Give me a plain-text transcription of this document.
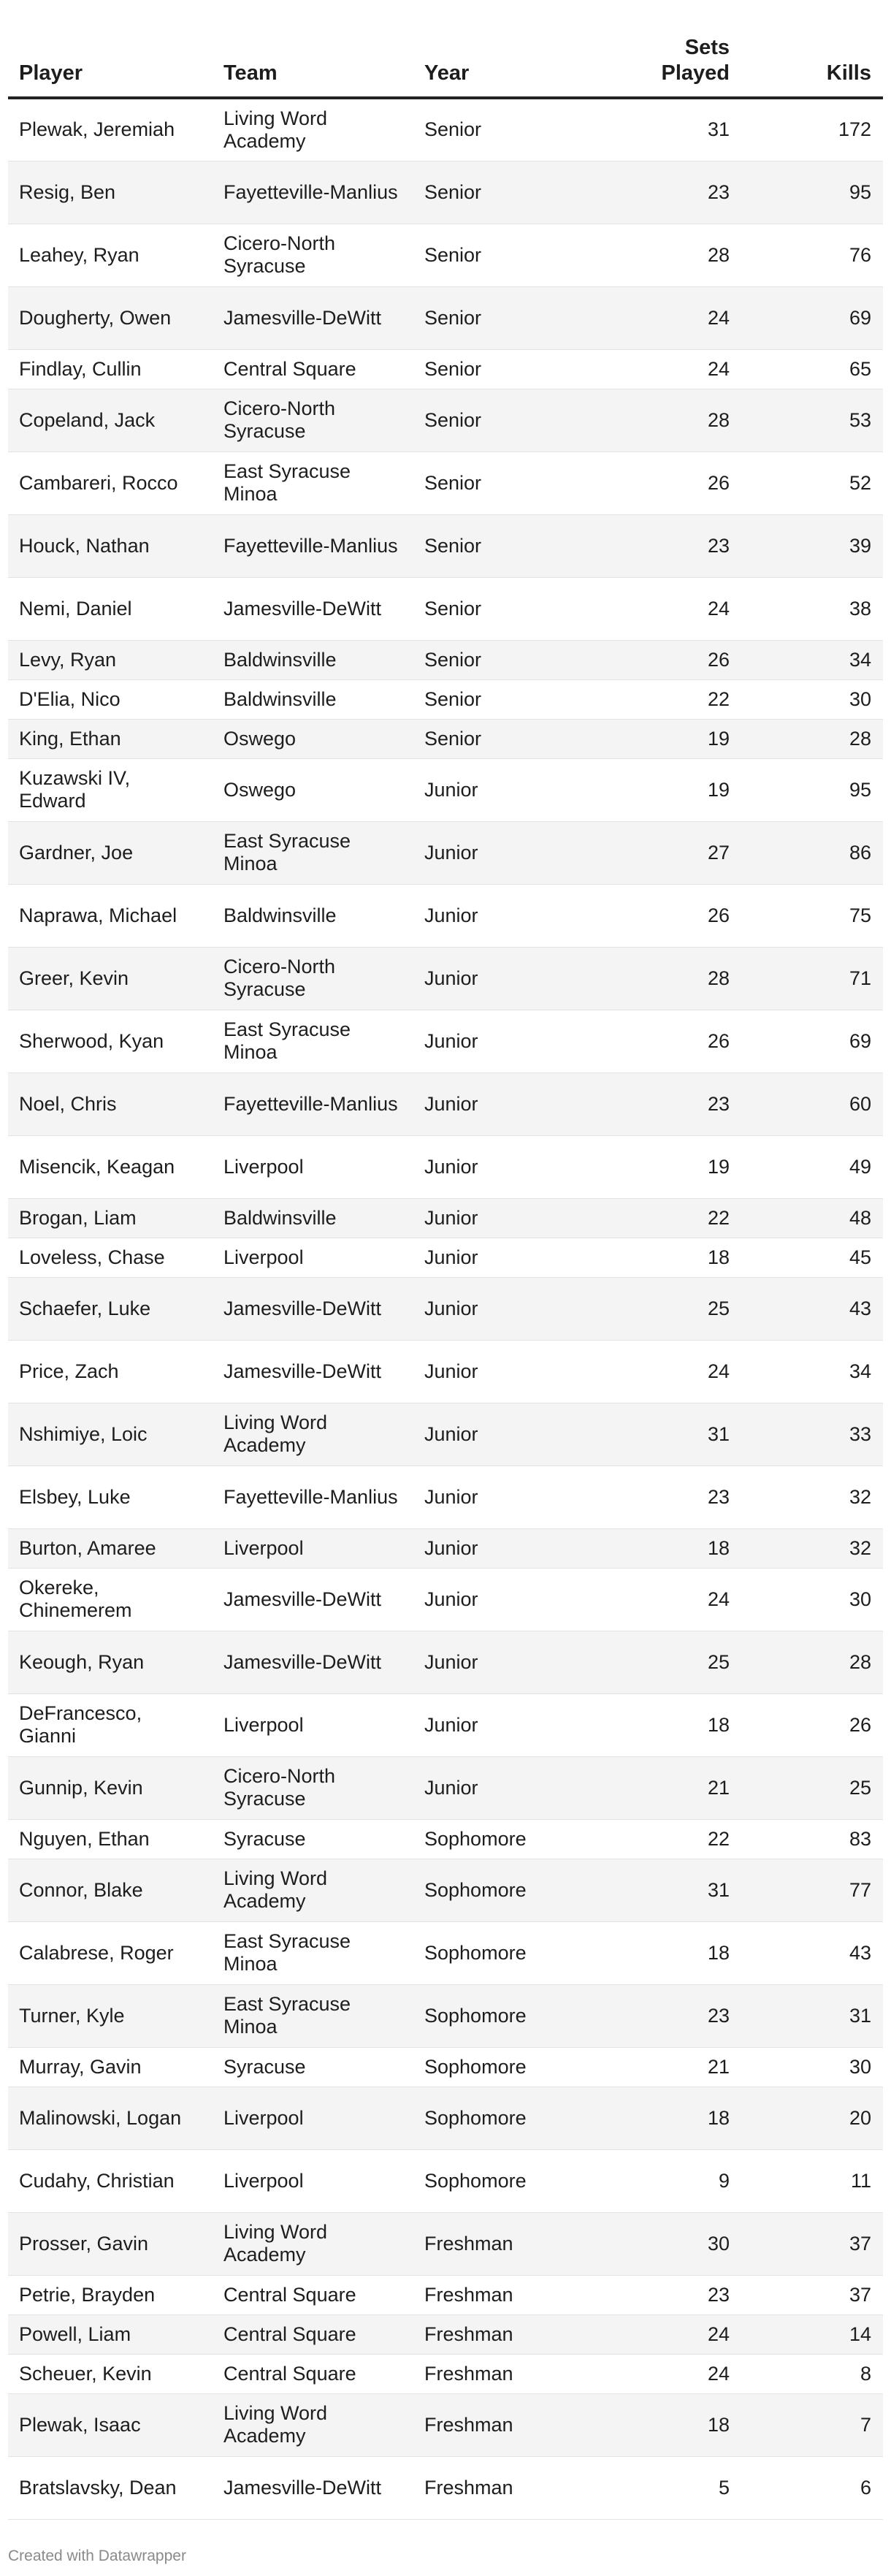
Player	Team	Year	Sets Played	Kills
Plewak, Jeremiah	Living Word Academy	Senior	31	172
Resig, Ben	Fayetteville-Manlius	Senior	23	95
Leahey, Ryan	Cicero-North Syracuse	Senior	28	76
Dougherty, Owen	Jamesville-DeWitt	Senior	24	69
Findlay, Cullin	Central Square	Senior	24	65
Copeland, Jack	Cicero-North Syracuse	Senior	28	53
Cambareri, Rocco	East Syracuse Minoa	Senior	26	52
Houck, Nathan	Fayetteville-Manlius	Senior	23	39
Nemi, Daniel	Jamesville-DeWitt	Senior	24	38
Levy, Ryan	Baldwinsville	Senior	26	34
D'Elia, Nico	Baldwinsville	Senior	22	30
King, Ethan	Oswego	Senior	19	28
Kuzawski IV, Edward	Oswego	Junior	19	95
Gardner, Joe	East Syracuse Minoa	Junior	27	86
Naprawa, Michael	Baldwinsville	Junior	26	75
Greer, Kevin	Cicero-North Syracuse	Junior	28	71
Sherwood, Kyan	East Syracuse Minoa	Junior	26	69
Noel, Chris	Fayetteville-Manlius	Junior	23	60
Misencik, Keagan	Liverpool	Junior	19	49
Brogan, Liam	Baldwinsville	Junior	22	48
Loveless, Chase	Liverpool	Junior	18	45
Schaefer, Luke	Jamesville-DeWitt	Junior	25	43
Price, Zach	Jamesville-DeWitt	Junior	24	34
Nshimiye, Loic	Living Word Academy	Junior	31	33
Elsbey, Luke	Fayetteville-Manlius	Junior	23	32
Burton, Amaree	Liverpool	Junior	18	32
Okereke, Chinemerem	Jamesville-DeWitt	Junior	24	30
Keough, Ryan	Jamesville-DeWitt	Junior	25	28
DeFrancesco, Gianni	Liverpool	Junior	18	26
Gunnip, Kevin	Cicero-North Syracuse	Junior	21	25
Nguyen, Ethan	Syracuse	Sophomore	22	83
Connor, Blake	Living Word Academy	Sophomore	31	77
Calabrese, Roger	East Syracuse Minoa	Sophomore	18	43
Turner, Kyle	East Syracuse Minoa	Sophomore	23	31
Murray, Gavin	Syracuse	Sophomore	21	30
Malinowski, Logan	Liverpool	Sophomore	18	20
Cudahy, Christian	Liverpool	Sophomore	9	11
Prosser, Gavin	Living Word Academy	Freshman	30	37
Petrie, Brayden	Central Square	Freshman	23	37
Powell, Liam	Central Square	Freshman	24	14
Scheuer, Kevin	Central Square	Freshman	24	8
Plewak, Isaac	Living Word Academy	Freshman	18	7
Bratslavsky, Dean	Jamesville-DeWitt	Freshman	5	6
Created with Datawrapper
